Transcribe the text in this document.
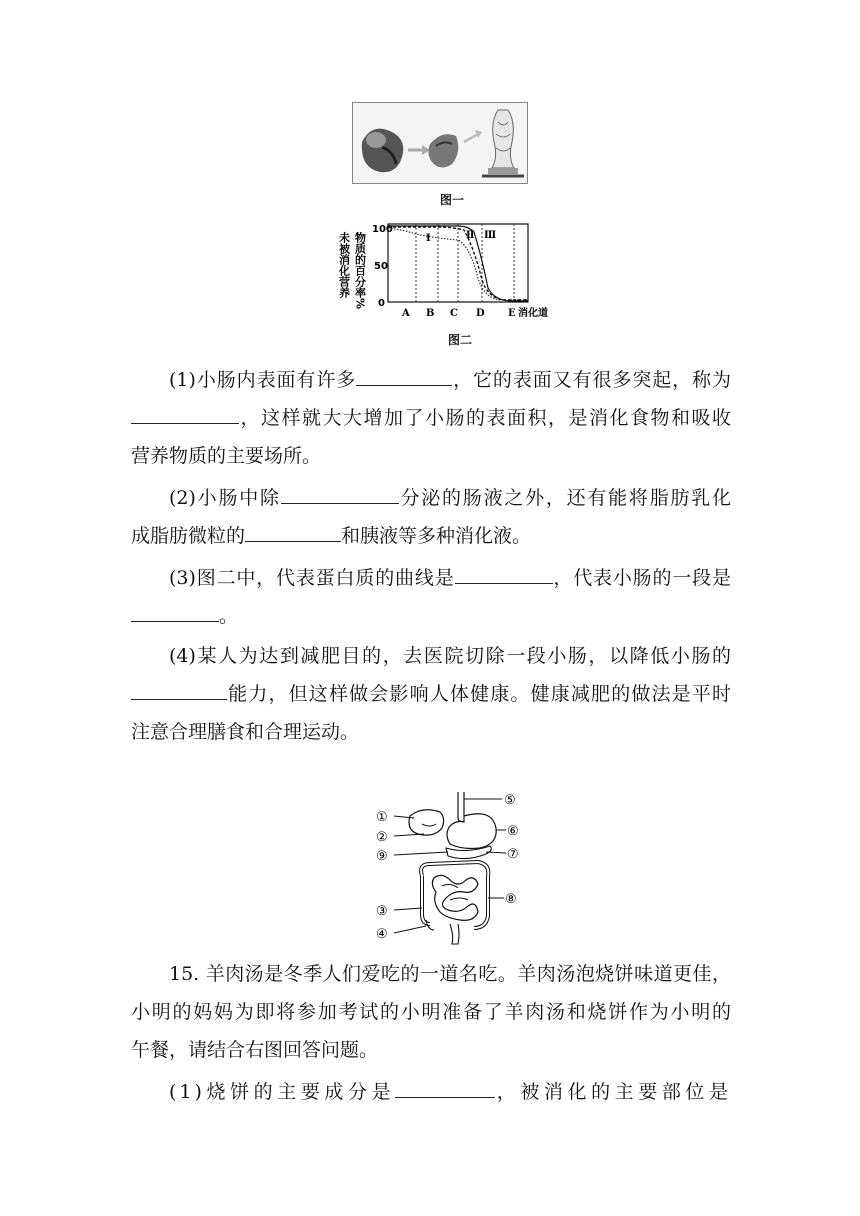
图一
未被消化营养 物质的百分率%
100
50
0
Ⅰ	Ⅱ Ⅲ
A B C D E 消化道
图二

(1)小肠内表面有许多	，它的表面又有很多突起，称为

，这样就大大增加了小肠的表面积，是消化食物和吸收

营养物质的主要场所。

(2)小肠中除	分泌的肠液之外，还有能将脂肪乳化

成脂肪微粒的	和胰液等多种消化液。

(3)图二中，代表蛋白质的曲线是	，代表小肠的一段是

。

(4)某人为达到减肥目的，去医院切除一段小肠，以降低小肠的

能力，但这样做会影响人体健康。健康减肥的做法是平时

注意合理膳食和合理运动。

①
②
⑨
③
④
⑤
⑥
⑦
⑧

15. 羊肉汤是冬季人们爱吃的一道名吃。羊肉汤泡烧饼味道更佳，

小明的妈妈为即将参加考试的小明准备了羊肉汤和烧饼作为小明的

午餐，请结合右图回答问题。

(1)烧饼的主要成分是	，被消化的主要部位是
